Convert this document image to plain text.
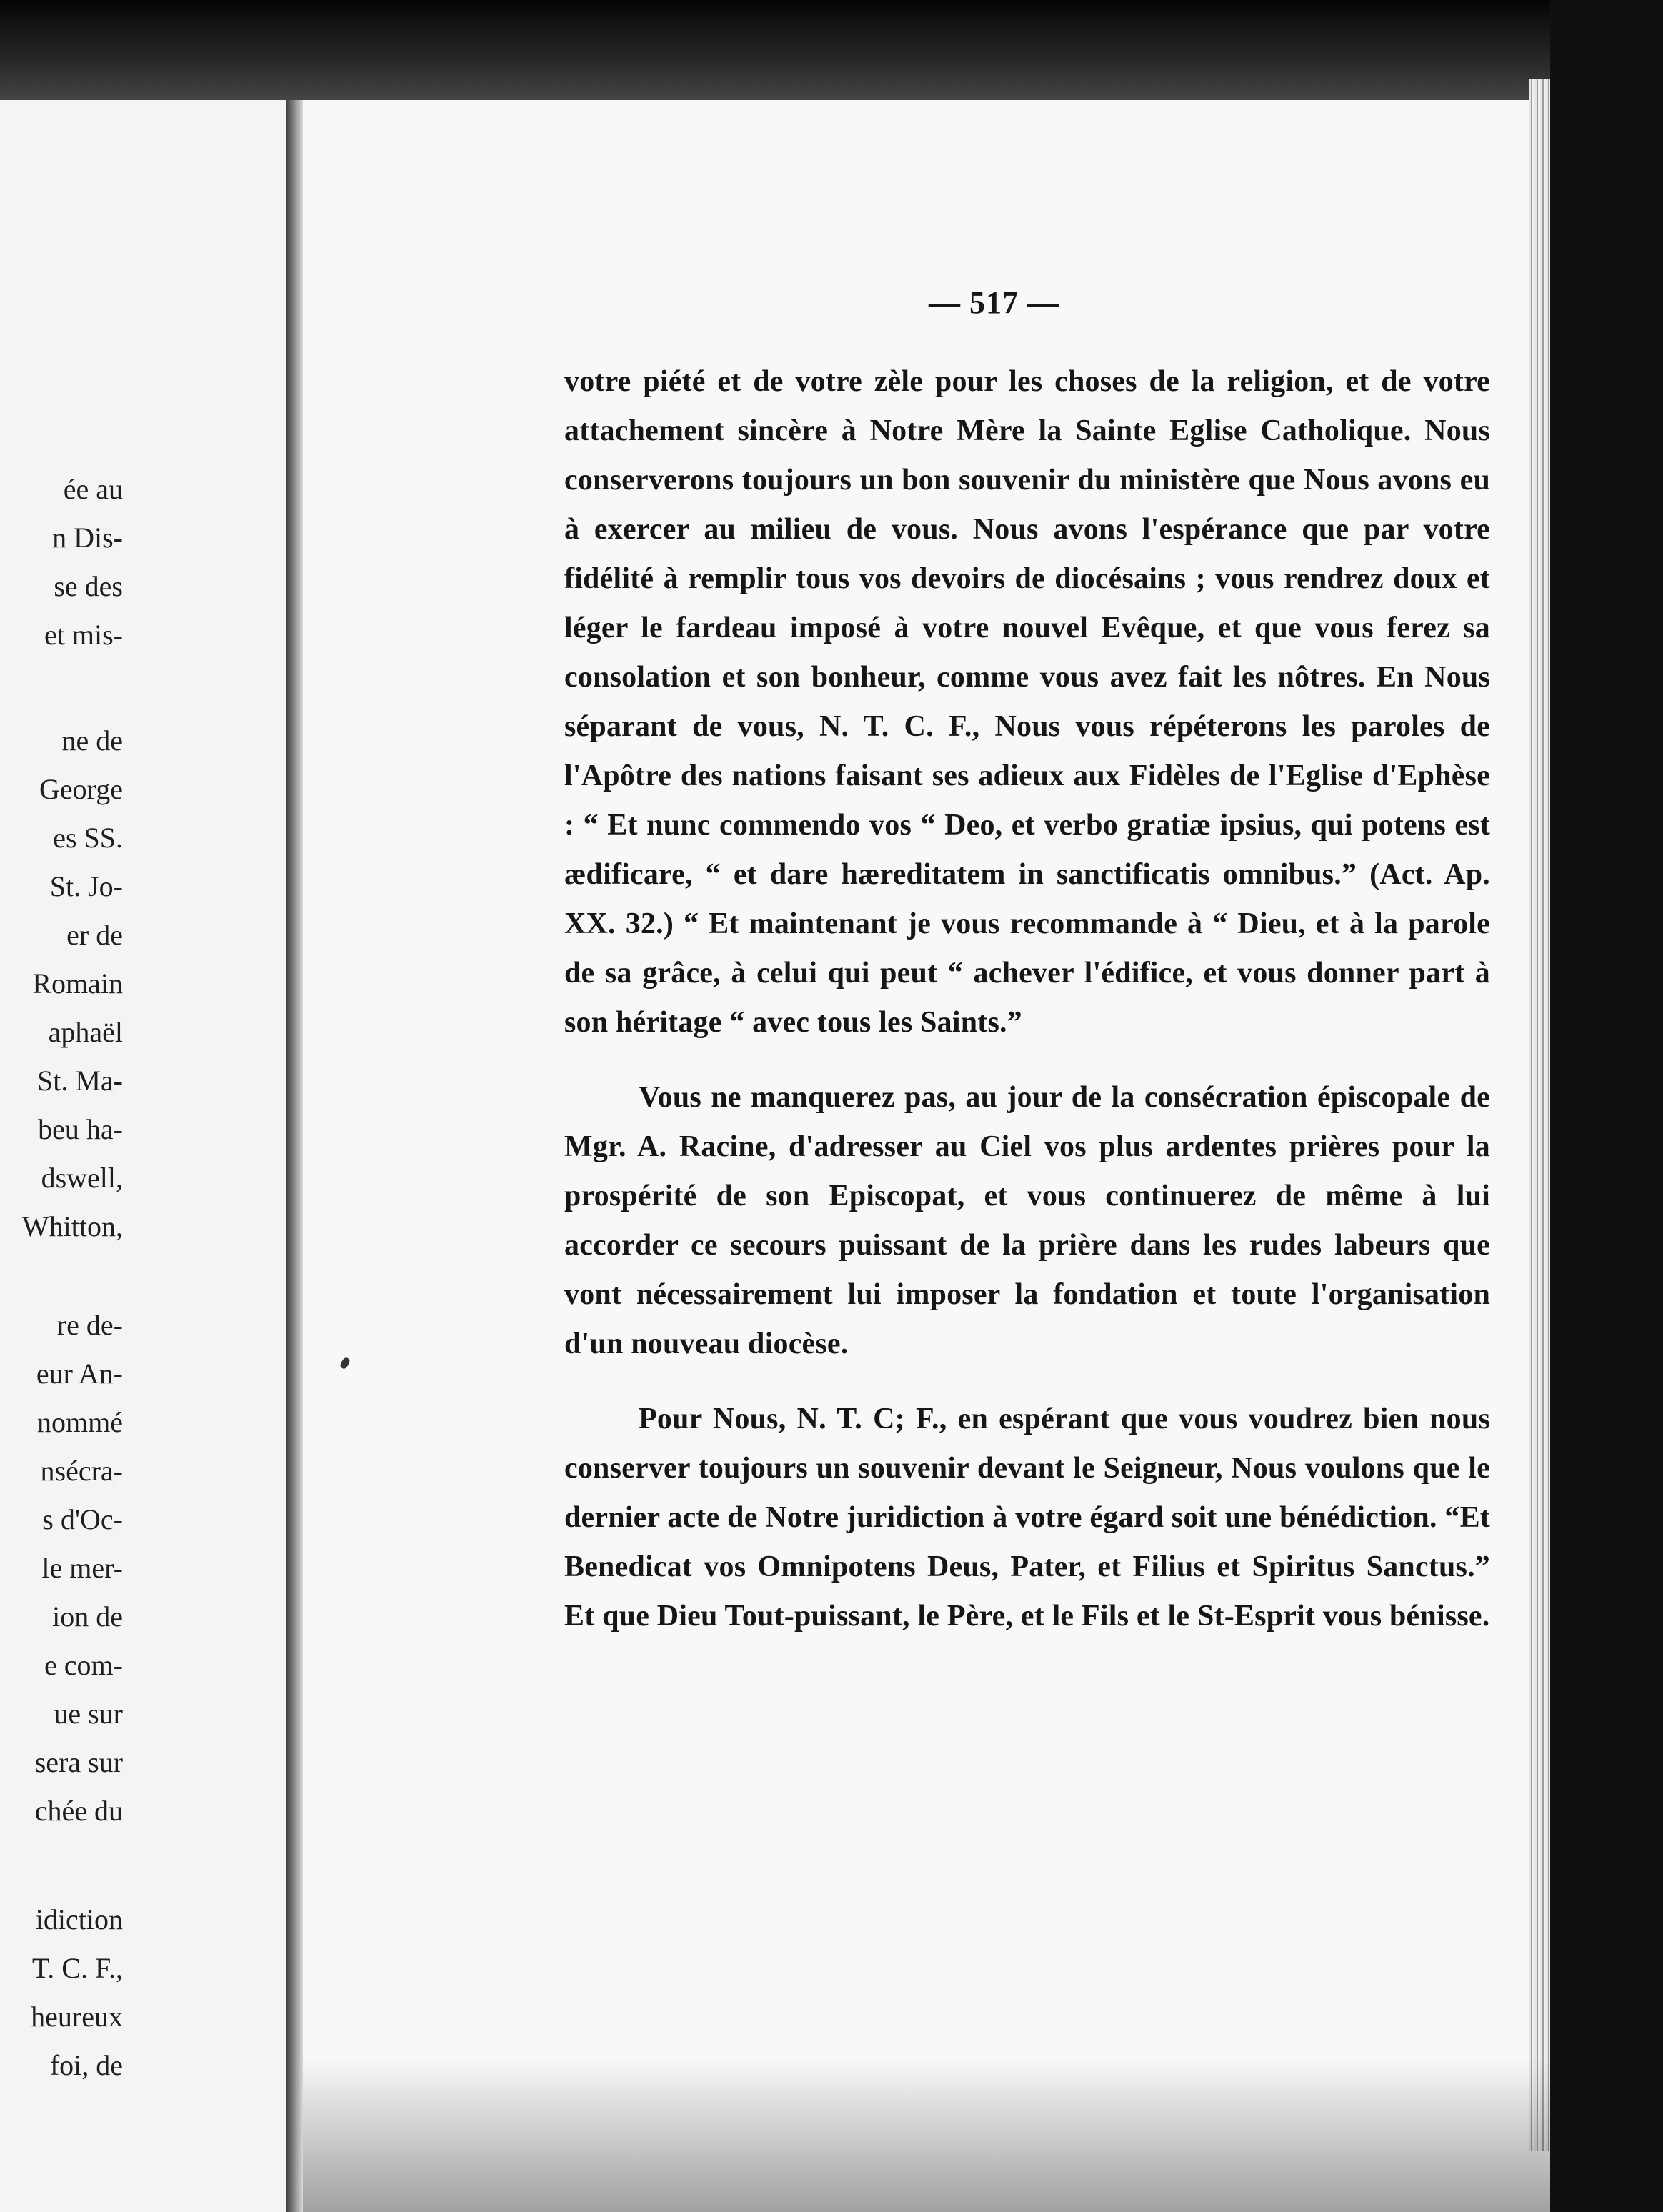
ée au
n Dis-
se des
et mis-
ne de
George
es SS.
St. Jo-
er de
Romain
aphaël
St. Ma-
beu ha-
dswell,
Whitton,
re de-
eur An-
nommé
nsécra-
s d'Oc-
le mer-
ion de
e com-
ue sur
sera sur
chée du
idiction
T. C. F.,
heureux
foi, de
— 517 —

votre piété et de votre zèle pour les choses de la religion, et de votre attachement sincère à Notre Mère la Sainte Eglise Catholique. Nous conserverons toujours un bon souvenir du ministère que Nous avons eu à exercer au milieu de vous. Nous avons l'espérance que par votre fidélité à remplir tous vos devoirs de diocésains ; vous rendrez doux et léger le fardeau imposé à votre nouvel Evêque, et que vous ferez sa consolation et son bonheur, comme vous avez fait les nôtres. En Nous séparant de vous, N. T. C. F., Nous vous répéterons les paroles de l'Apôtre des nations faisant ses adieux aux Fidèles de l'Eglise d'Ephèse : “ Et nunc commendo vos “ Deo, et verbo gratiæ ipsius, qui potens est ædificare, “ et dare hæreditatem in sanctificatis omnibus.” (Act. Ap. XX. 32.) “ Et maintenant je vous recommande à “ Dieu, et à la parole de sa grâce, à celui qui peut “ achever l'édifice, et vous donner part à son héritage “ avec tous les Saints.”

Vous ne manquerez pas, au jour de la consécration épiscopale de Mgr. A. Racine, d'adresser au Ciel vos plus ardentes prières pour la prospérité de son Episcopat, et vous continuerez de même à lui accorder ce secours puissant de la prière dans les rudes labeurs que vont nécessairement lui imposer la fondation et toute l'organisation d'un nouveau diocèse.

Pour Nous, N. T. C; F., en espérant que vous voudrez bien nous conserver toujours un souvenir devant le Seigneur, Nous voulons que le dernier acte de Notre juridiction à votre égard soit une bénédiction. “Et Benedicat vos Omnipotens Deus, Pater, et Filius et Spiritus Sanctus.” Et que Dieu Tout-puissant, le Père, et le Fils et le St-Esprit vous bénisse.
